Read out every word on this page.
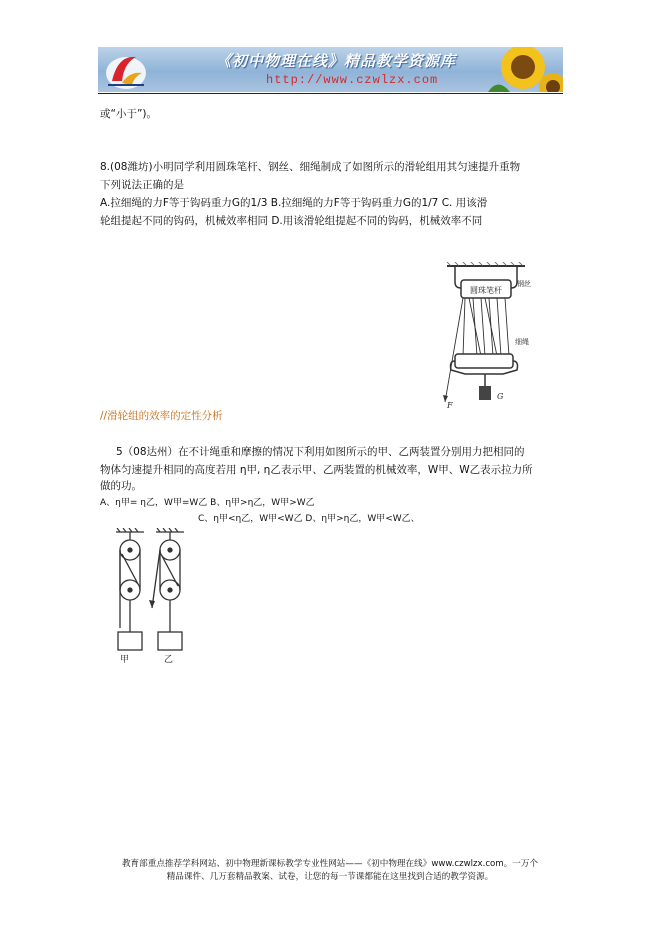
《初中物理在线》精品教学资源库
http://www.czwlzx.com
或“小于”)。
8.(08潍坊)小明同学利用圆珠笔杆、钢丝、细绳制成了如图所示的滑轮组用其匀速提升重物
下列说法正确的是
A.拉细绳的力F等于钩码重力G的1/3 B.拉细绳的力F等于钩码重力G的1/7 C. 用该滑
轮组提起不同的钩码，机械效率相同 D.用该滑轮组提起不同的钩码，机械效率不同
圆珠笔杆
钢丝
细绳
G
F
//滑轮组的效率的定性分析
5（08达州）在不计绳重和摩擦的情况下利用如图所示的甲、乙两装置分别用力把相同的
物体匀速提升相同的高度若用 η甲, η乙表示甲、乙两装置的机械效率，W甲、W乙表示拉力所
做的功。
A、η甲= η乙，W甲=W乙 B、η甲>η乙，W甲>W乙
C、η甲<η乙，W甲<W乙 D、η甲>η乙，W甲<W乙、
甲	乙
教育部重点推荐学科网站、初中物理新课标教学专业性网站——《初中物理在线》www.czwlzx.com。一万个
精品课件、几万套精品教案、试卷，让您的每一节课都能在这里找到合适的教学资源。
